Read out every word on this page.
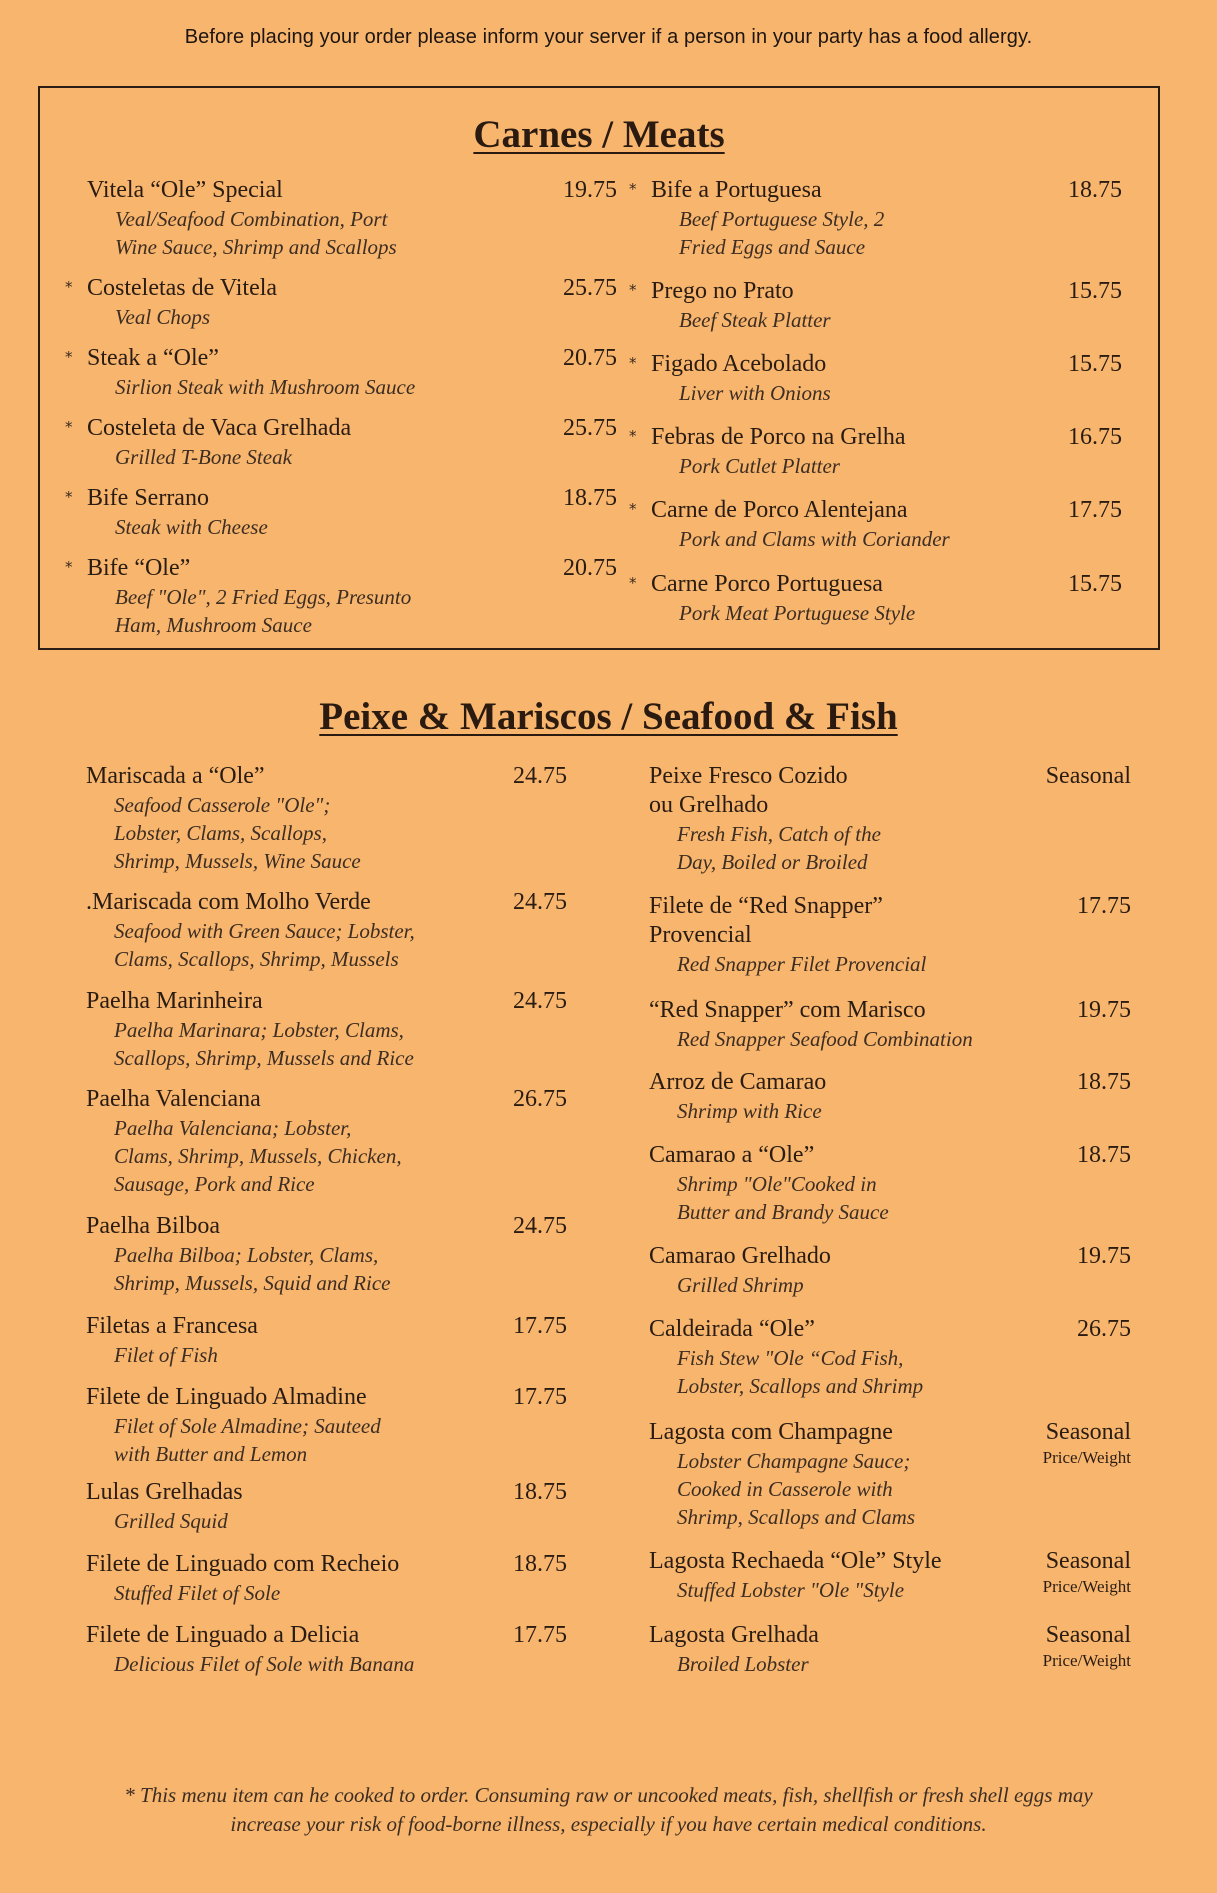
Before placing your order please inform your server if a person in your party has a food allergy.
Carnes / Meats
Vitela “Ole” Special	19.75
Veal/Seafood Combination, Port
Wine Sauce, Shrimp and Scallops
* Costeletas de Vitela	25.75
Veal Chops
* Steak a “Ole”	20.75
Sirlion Steak with Mushroom Sauce
* Costeleta de Vaca Grelhada	25.75
Grilled T-Bone Steak
* Bife Serrano	18.75
Steak with Cheese
* Bife “Ole”	20.75
Beef "Ole", 2 Fried Eggs, Presunto
Ham, Mushroom Sauce
* Bife a Portuguesa	18.75
Beef Portuguese Style, 2
Fried Eggs and Sauce
* Prego no Prato	15.75
Beef Steak Platter
* Figado Acebolado	15.75
Liver with Onions
* Febras de Porco na Grelha	16.75
Pork Cutlet Platter
* Carne de Porco Alentejana	17.75
Pork and Clams with Coriander
* Carne Porco Portuguesa	15.75
Pork Meat Portuguese Style
Peixe & Mariscos / Seafood & Fish
Mariscada a “Ole”	24.75
Seafood Casserole "Ole";
Lobster, Clams, Scallops,
Shrimp, Mussels, Wine Sauce
.Mariscada com Molho Verde	24.75
Seafood with Green Sauce; Lobster,
Clams, Scallops, Shrimp, Mussels
Paelha Marinheira	24.75
Paelha Marinara; Lobster, Clams,
Scallops, Shrimp, Mussels and Rice
Paelha Valenciana	26.75
Paelha Valenciana; Lobster,
Clams, Shrimp, Mussels, Chicken,
Sausage, Pork and Rice
Paelha Bilboa	24.75
Paelha Bilboa; Lobster, Clams,
Shrimp, Mussels, Squid and Rice
Filetas a Francesa	17.75
Filet of Fish
Filete de Linguado Almadine	17.75
Filet of Sole Almadine; Sauteed
with Butter and Lemon
Lulas Grelhadas	18.75
Grilled Squid
Filete de Linguado com Recheio	18.75
Stuffed Filet of Sole
Filete de Linguado a Delicia	17.75
Delicious Filet of Sole with Banana
Peixe Fresco Cozido
ou Grelhado
Seasonal
Fresh Fish, Catch of the
Day, Boiled or Broiled
Filete de “Red Snapper”
Provencial
17.75
Red Snapper Filet Provencial
“Red Snapper” com Marisco	19.75
Red Snapper Seafood Combination
Arroz de Camarao	18.75
Shrimp with Rice
Camarao a “Ole”	18.75
Shrimp "Ole"Cooked in
Butter and Brandy Sauce
Camarao Grelhado	19.75
Grilled Shrimp
Caldeirada “Ole”	26.75
Fish Stew "Ole “Cod Fish,
Lobster, Scallops and Shrimp
Lagosta com Champagne	Seasonal
Price/Weight
Lobster Champagne Sauce;
Cooked in Casserole with
Shrimp, Scallops and Clams
Lagosta Rechaeda “Ole” Style	Seasonal
Price/Weight
Stuffed Lobster "Ole "Style
Lagosta Grelhada	Seasonal
Price/Weight
Broiled Lobster
* This menu item can he cooked to order. Consuming raw or uncooked meats, fish, shellfish or fresh shell eggs may increase your risk of food-borne illness, especially if you have certain medical conditions.
